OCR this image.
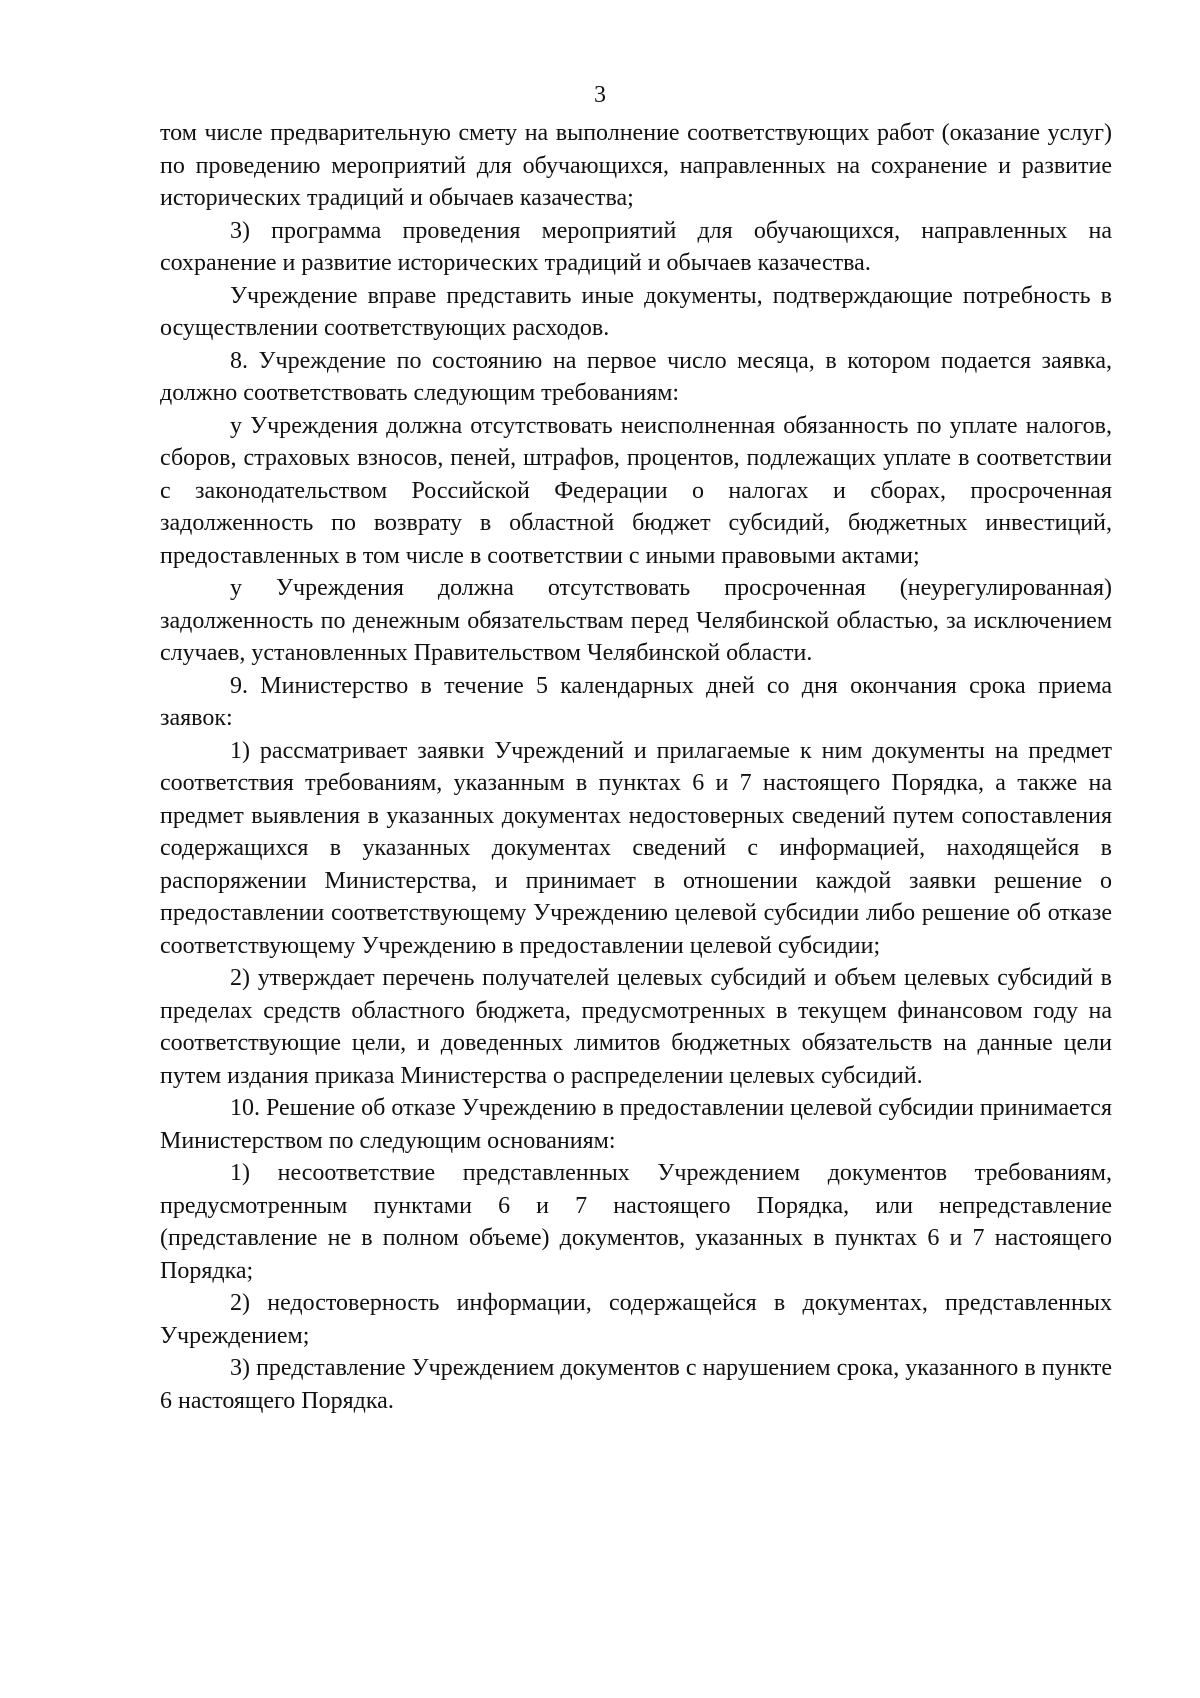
3

том числе предварительную смету на выполнение соответствующих работ (оказание услуг) по проведению мероприятий для обучающихся, направленных на сохранение и развитие исторических традиций и обычаев казачества;

3) программа проведения мероприятий для обучающихся, направленных на сохранение и развитие исторических традиций и обычаев казачества.

Учреждение вправе представить иные документы, подтверждающие потребность в осуществлении соответствующих расходов.

8. Учреждение по состоянию на первое число месяца, в котором подается заявка, должно соответствовать следующим требованиям:

у Учреждения должна отсутствовать неисполненная обязанность по уплате налогов, сборов, страховых взносов, пеней, штрафов, процентов, подлежащих уплате в соответствии с законодательством Российской Федерации о налогах и сборах, просроченная задолженность по возврату в областной бюджет субсидий, бюджетных инвестиций, предоставленных в том числе в соответствии с иными правовыми актами;

у Учреждения должна отсутствовать просроченная (неурегулированная) задолженность по денежным обязательствам перед Челябинской областью, за исключением случаев, установленных Правительством Челябинской области.

9. Министерство в течение 5 календарных дней со дня окончания срока приема заявок:

1) рассматривает заявки Учреждений и прилагаемые к ним документы на предмет соответствия требованиям, указанным в пунктах 6 и 7 настоящего Порядка, а также на предмет выявления в указанных документах недостоверных сведений путем сопоставления содержащихся в указанных документах сведений с информацией, находящейся в распоряжении Министерства, и принимает в отношении каждой заявки решение о предоставлении соответствующему Учреждению целевой субсидии либо решение об отказе соответствующему Учреждению в предоставлении целевой субсидии;

2) утверждает перечень получателей целевых субсидий и объем целевых субсидий в пределах средств областного бюджета, предусмотренных в текущем финансовом году на соответствующие цели, и доведенных лимитов бюджетных обязательств на данные цели путем издания приказа Министерства о распределении целевых субсидий.

10. Решение об отказе Учреждению в предоставлении целевой субсидии принимается Министерством по следующим основаниям:

1) несоответствие представленных Учреждением документов требованиям, предусмотренным пунктами 6 и 7 настоящего Порядка, или непредставление (представление не в полном объеме) документов, указанных в пунктах 6 и 7 настоящего Порядка;

2) недостоверность информации, содержащейся в документах, представленных Учреждением;

3) представление Учреждением документов с нарушением срока, указанного в пункте 6 настоящего Порядка.
